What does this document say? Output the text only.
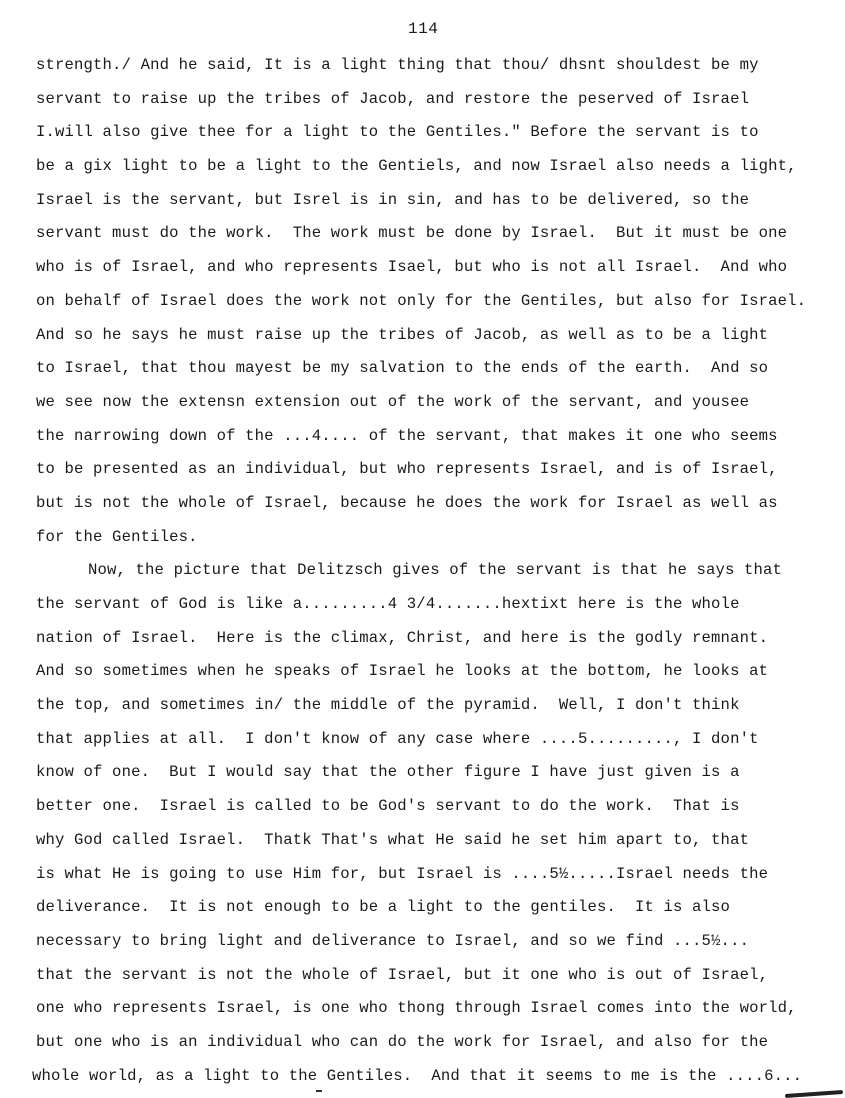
114
strength./ And he said, It is a light thing that thou/ dhsnt shouldest be my
servant to raise up the tribes of Jacob, and restore the peserved of Israel
I.will also give thee for a light to the Gentiles." Before the servant is to
be a gix light to be a light to the Gentiels, and now Israel also needs a light,
Israel is the servant, but Isrel is in sin, and has to be delivered, so the
servant must do the work.  The work must be done by Israel.  But it must be one
who is of Israel, and who represents Isael, but who is not all Israel.  And who
on behalf of Israel does the work not only for the Gentiles, but also for Israel.
And so he says he must raise up the tribes of Jacob, as well as to be a light
to Israel, that thou mayest be my salvation to the ends of the earth.  And so
we see now the extensn extension out of the work of the servant, and yousee
the narrowing down of the ...4.... of the servant, that makes it one who seems
to be presented as an individual, but who represents Israel, and is of Israel,
but is not the whole of Israel, because he does the work for Israel as well as
for the Gentiles.
Now, the picture that Delitzsch gives of the servant is that he says that
the servant of God is like a.........4 3/4.......hextixt here is the whole
nation of Israel.  Here is the climax, Christ, and here is the godly remnant.
And so sometimes when he speaks of Israel he looks at the bottom, he looks at
the top, and sometimes in/ the middle of the pyramid.  Well, I don't think
that applies at all.  I don't know of any case where ....5........., I don't
know of one.  But I would say that the other figure I have just given is a
better one.  Israel is called to be God's servant to do the work.  That is
why God called Israel.  Thatk That's what He said he set him apart to, that
is what He is going to use Him for, but Israel is ....5½.....Israel needs the
deliverance.  It is not enough to be a light to the gentiles.  It is also
necessary to bring light and deliverance to Israel, and so we find ...5½...
that the servant is not the whole of Israel, but it one who is out of Israel,
one who represents Israel, is one who thong through Israel comes into the world,
but one who is an individual who can do the work for Israel, and also for the
whole world, as a light to the Gentiles.  And that it seems to me is the ....6...
